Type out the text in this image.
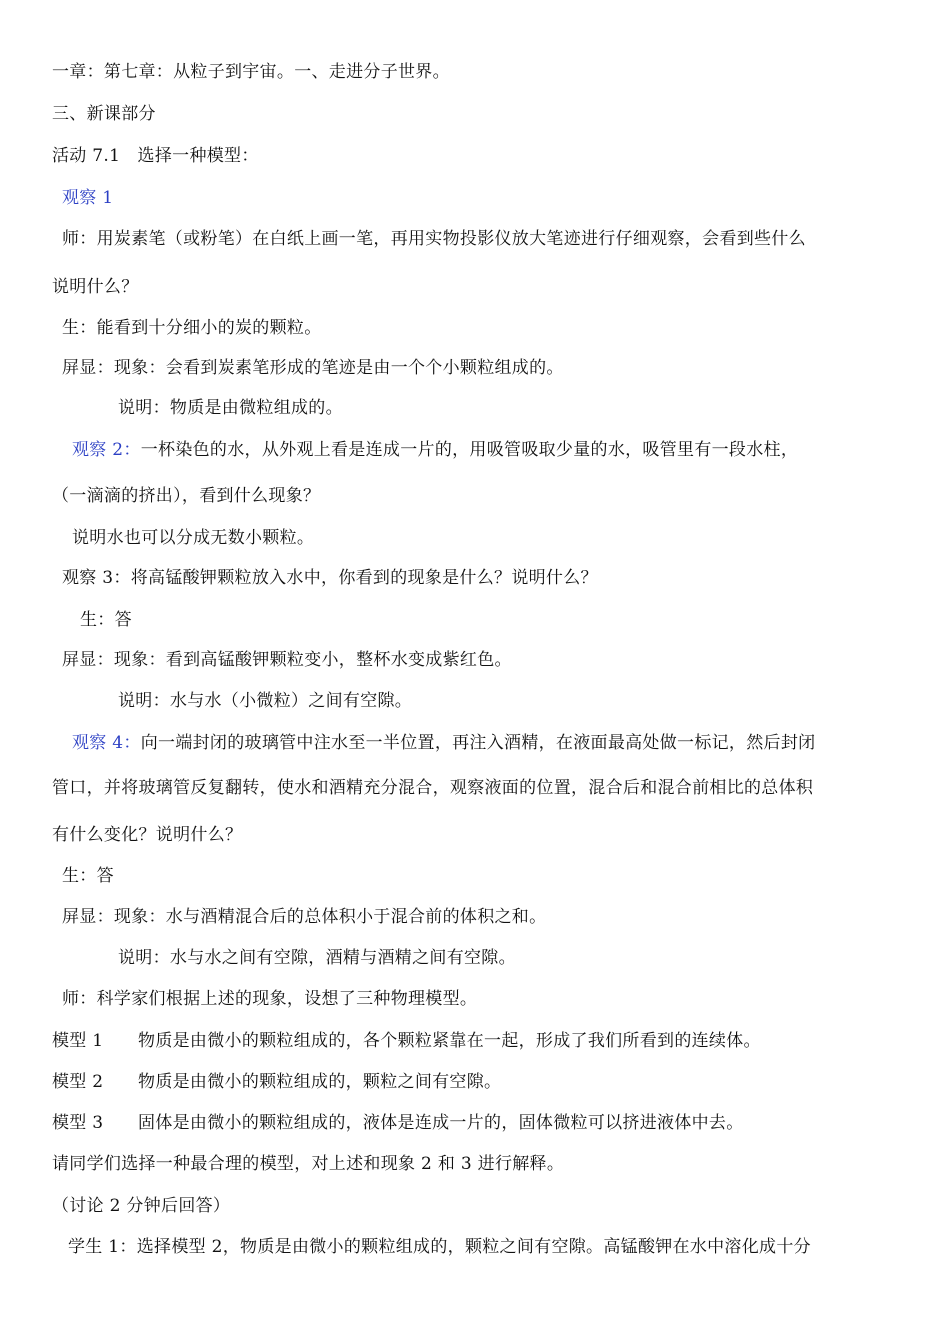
一章：第七章：从粒子到宇宙。一、走进分子世界。
三、新课部分
活动 7.1　选择一种模型：
观察 1
师：用炭素笔（或粉笔）在白纸上画一笔，再用实物投影仪放大笔迹进行仔细观察，会看到些什么
说明什么？
生：能看到十分细小的炭的颗粒。
屏显：现象：会看到炭素笔形成的笔迹是由一个个小颗粒组成的。
说明：物质是由微粒组成的。
观察 2：一杯染色的水，从外观上看是连成一片的，用吸管吸取少量的水，吸管里有一段水柱，
（一滴滴的挤出），看到什么现象？
说明水也可以分成无数小颗粒。
观察 3：将高锰酸钾颗粒放入水中，你看到的现象是什么？说明什么？
生：答
屏显：现象：看到高锰酸钾颗粒变小，整杯水变成紫红色。
说明：水与水（小微粒）之间有空隙。
观察 4：向一端封闭的玻璃管中注水至一半位置，再注入酒精，在液面最高处做一标记，然后封闭
管口，并将玻璃管反复翻转，使水和酒精充分混合，观察液面的位置，混合后和混合前相比的总体积
有什么变化？说明什么？
生：答
屏显：现象：水与酒精混合后的总体积小于混合前的体积之和。
说明：水与水之间有空隙，酒精与酒精之间有空隙。
师：科学家们根据上述的现象，设想了三种物理模型。
模型 1　　物质是由微小的颗粒组成的，各个颗粒紧靠在一起，形成了我们所看到的连续体。
模型 2　　物质是由微小的颗粒组成的，颗粒之间有空隙。
模型 3　　固体是由微小的颗粒组成的，液体是连成一片的，固体微粒可以挤进液体中去。
请同学们选择一种最合理的模型，对上述和现象 2 和 3 进行解释。
（讨论 2 分钟后回答）
学生 1：选择模型 2，物质是由微小的颗粒组成的，颗粒之间有空隙。高锰酸钾在水中溶化成十分
